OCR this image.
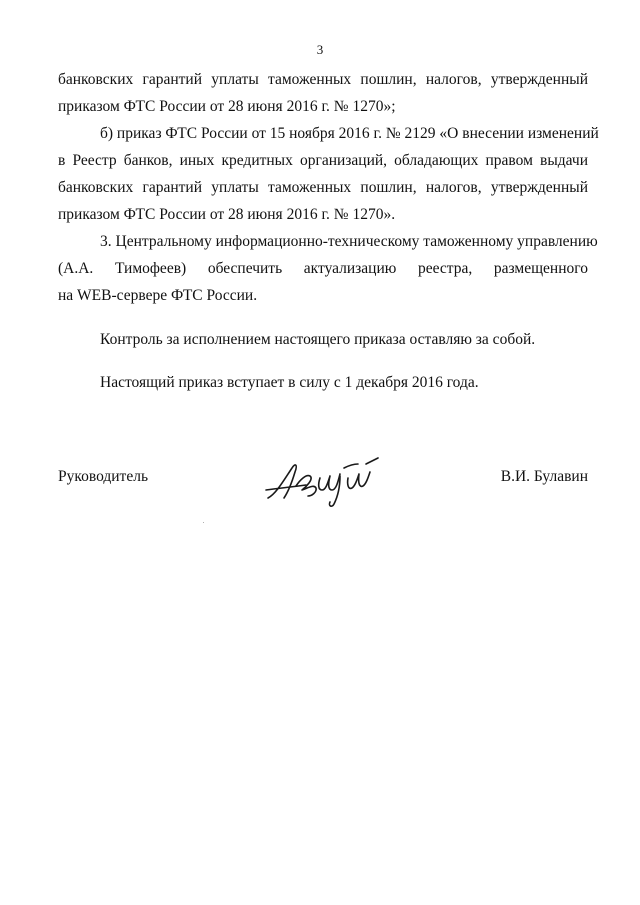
3
банковских гарантий уплаты таможенных пошлин, налогов, утвержденный
приказом ФТС России от 28 июня 2016 г. № 1270»;
б) приказ ФТС России от 15 ноября 2016 г. № 2129 «О внесении изменений
в Реестр банков, иных кредитных организаций, обладающих правом выдачи
банковских гарантий уплаты таможенных пошлин, налогов, утвержденный
приказом ФТС России от 28 июня 2016 г. № 1270».
3. Центральному информационно-техническому таможенному управлению
(А.А. Тимофеев) обеспечить актуализацию реестра, размещенного
на WEB-сервере ФТС России.
Контроль за исполнением настоящего приказа оставляю за собой.
Настоящий приказ вступает в силу с 1 декабря 2016 года.
Руководитель	В.И. Булавин
